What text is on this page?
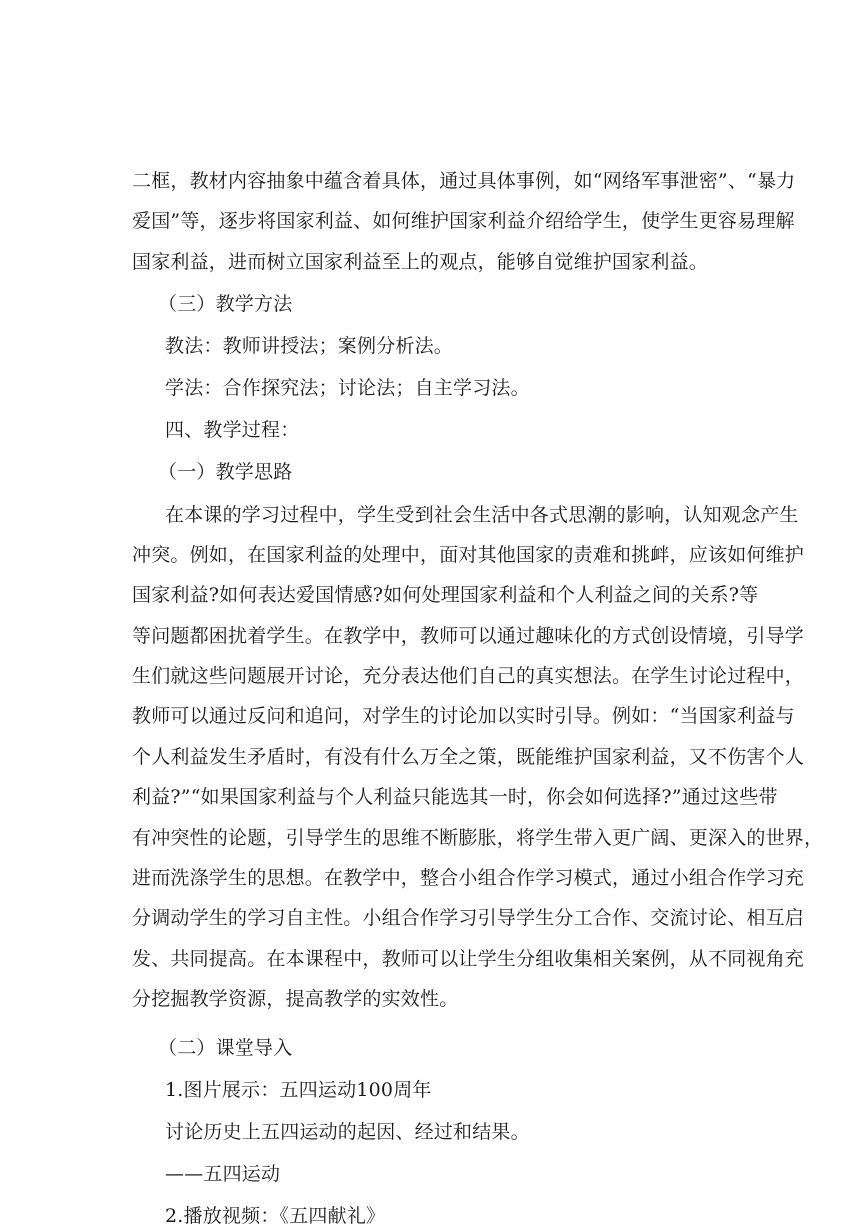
二框，教材内容抽象中蕴含着具体，通过具体事例，如“网络军事泄密”、“暴力
爱国”等，逐步将国家利益、如何维护国家利益介绍给学生，使学生更容易理解
国家利益，进而树立国家利益至上的观点，能够自觉维护国家利益。
（三）教学方法
教法：教师讲授法；案例分析法。
学法：合作探究法；讨论法；自主学习法。
四、教学过程：
（一）教学思路
在本课的学习过程中，学生受到社会生活中各式思潮的影响，认知观念产生
冲突。例如，在国家利益的处理中，面对其他国家的责难和挑衅，应该如何维护
国家利益?如何表达爱国情感?如何处理国家利益和个人利益之间的关系?等
等问题都困扰着学生。在教学中，教师可以通过趣味化的方式创设情境，引导学
生们就这些问题展开讨论，充分表达他们自己的真实想法。在学生讨论过程中，
教师可以通过反问和追问，对学生的讨论加以实时引导。例如：“当国家利益与
个人利益发生矛盾时，有没有什么万全之策，既能维护国家利益，又不伤害个人
利益?”“如果国家利益与个人利益只能选其一时，你会如何选择?”通过这些带
有冲突性的论题，引导学生的思维不断膨胀，将学生带入更广阔、更深入的世界，
进而洗涤学生的思想。在教学中，整合小组合作学习模式，通过小组合作学习充
分调动学生的学习自主性。小组合作学习引导学生分工合作、交流讨论、相互启
发、共同提高。在本课程中，教师可以让学生分组收集相关案例，从不同视角充
分挖掘教学资源，提高教学的实效性。
（二）课堂导入
1.图片展示：五四运动100周年
讨论历史上五四运动的起因、经过和结果。
——五四运动
2.播放视频：《五四献礼》
